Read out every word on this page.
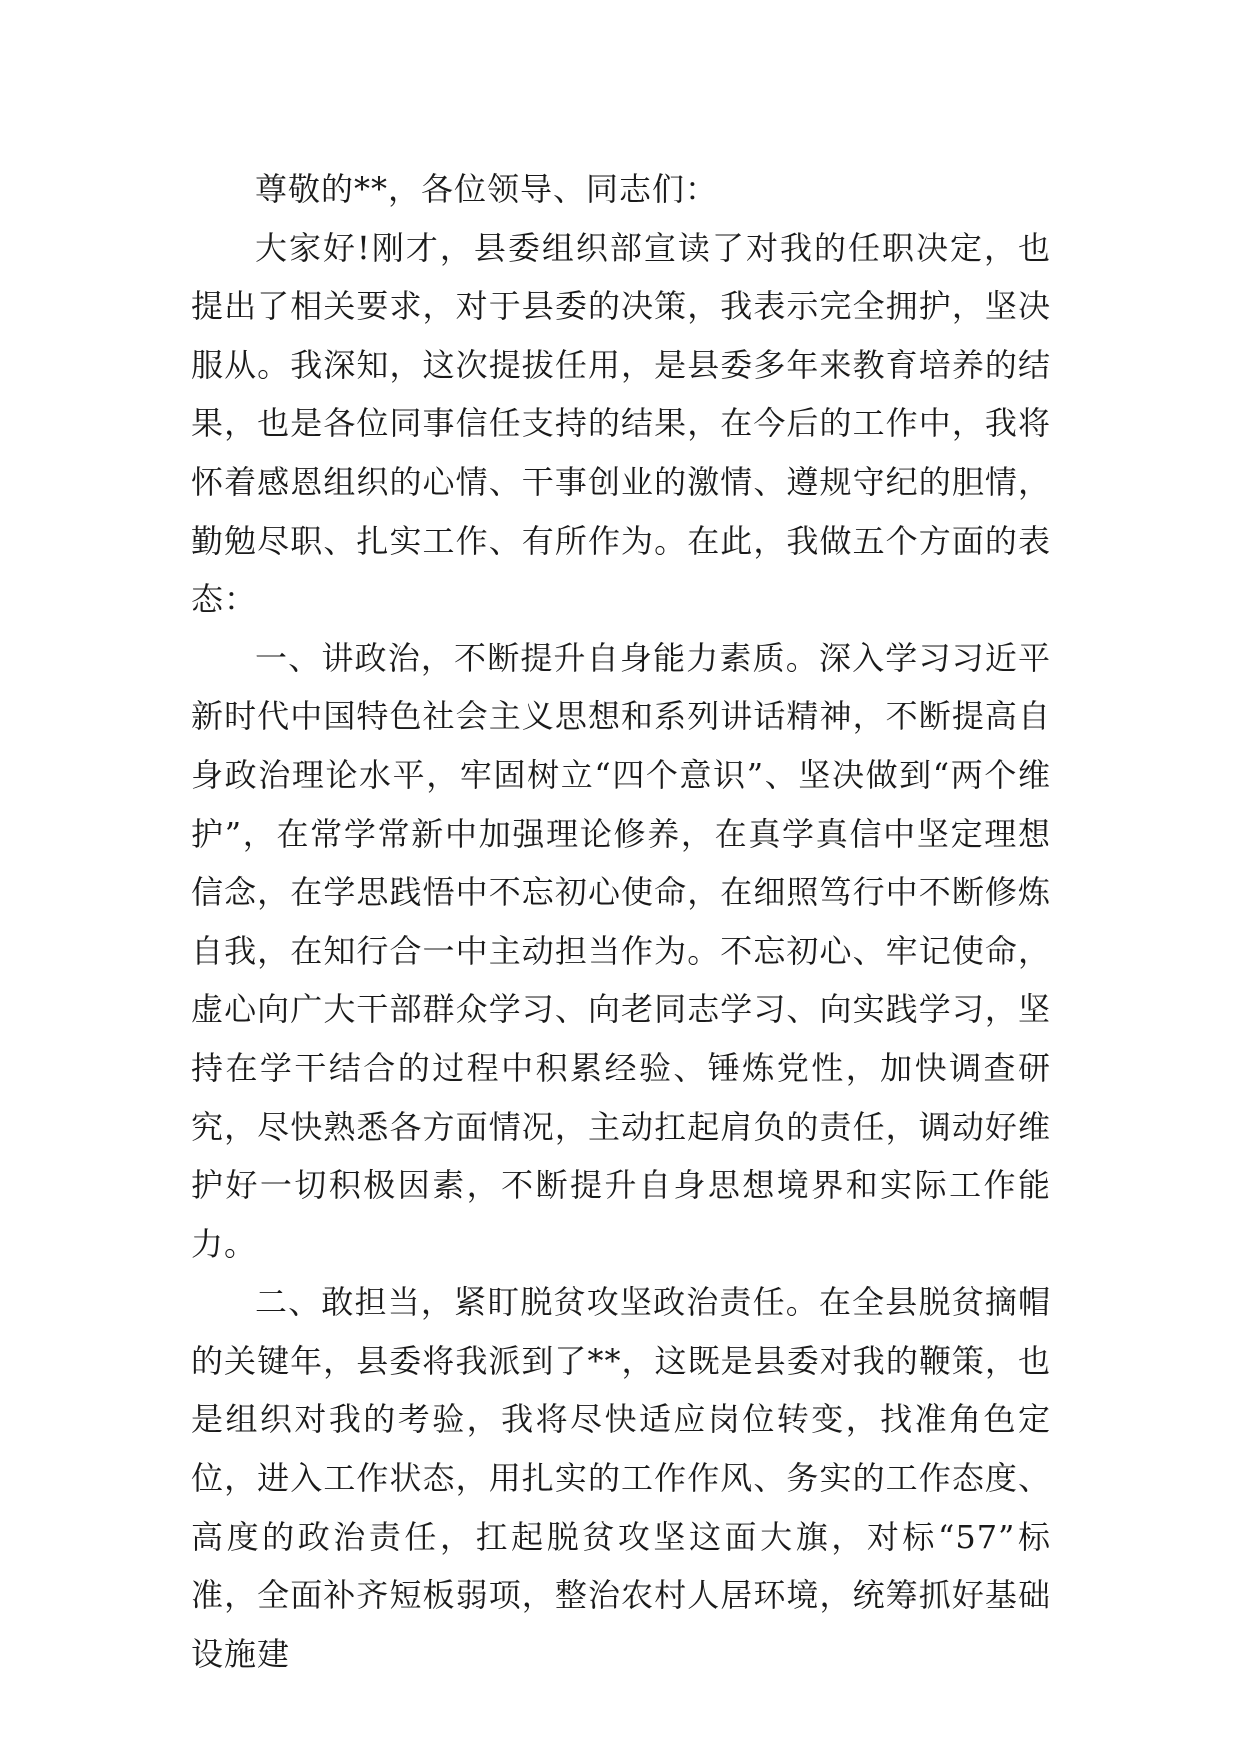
尊敬的**，各位领导、同志们：

大家好!刚才，县委组织部宣读了对我的任职决定，也提出了相关要求，对于县委的决策，我表示完全拥护，坚决服从。我深知，这次提拔任用，是县委多年来教育培养的结果，也是各位同事信任支持的结果，在今后的工作中，我将怀着感恩组织的心情、干事创业的激情、遵规守纪的胆情，勤勉尽职、扎实工作、有所作为。在此，我做五个方面的表态：

一、讲政治，不断提升自身能力素质。深入学习习近平新时代中国特色社会主义思想和系列讲话精神，不断提高自身政治理论水平，牢固树立“四个意识”、坚决做到“两个维护”，在常学常新中加强理论修养，在真学真信中坚定理想信念，在学思践悟中不忘初心使命，在细照笃行中不断修炼自我，在知行合一中主动担当作为。不忘初心、牢记使命，虚心向广大干部群众学习、向老同志学习、向实践学习，坚持在学干结合的过程中积累经验、锤炼党性，加快调查研究，尽快熟悉各方面情况，主动扛起肩负的责任，调动好维护好一切积极因素，不断提升自身思想境界和实际工作能力。

二、敢担当，紧盯脱贫攻坚政治责任。在全县脱贫摘帽的关键年，县委将我派到了**，这既是县委对我的鞭策，也是组织对我的考验，我将尽快适应岗位转变，找准角色定位，进入工作状态，用扎实的工作作风、务实的工作态度、高度的政治责任，扛起脱贫攻坚这面大旗，对标“57”标准，全面补齐短板弱项，整治农村人居环境，统筹抓好基础设施建
